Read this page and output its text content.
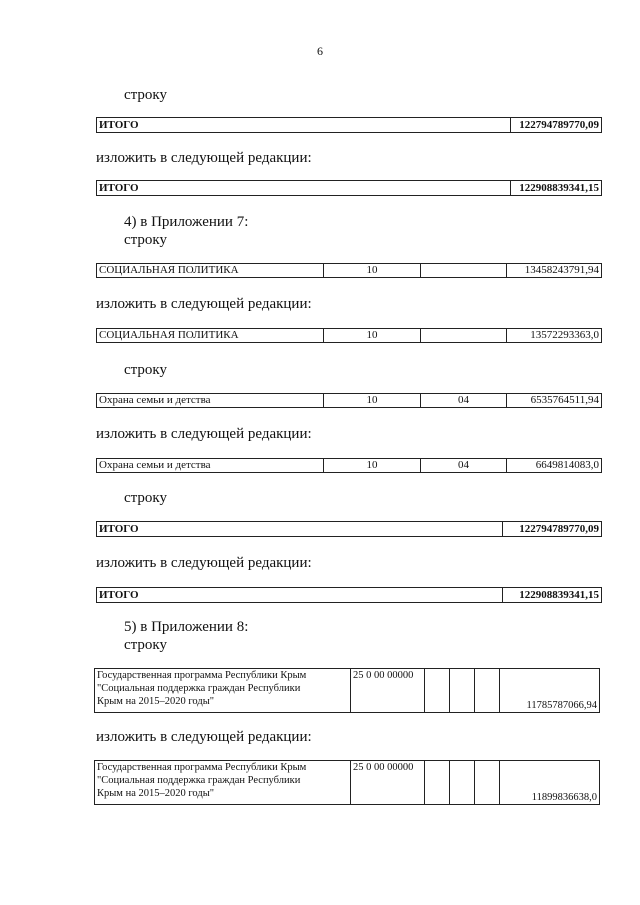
6
строку
ИТОГО	122794789770,09
изложить в следующей редакции:
ИТОГО	122908839341,15
4) в Приложении 7:
строку
СОЦИАЛЬНАЯ ПОЛИТИКА	10		13458243791,94
изложить в следующей редакции:
СОЦИАЛЬНАЯ ПОЛИТИКА	10		13572293363,0
строку
Охрана семьи и детства	10	04	6535764511,94
изложить в следующей редакции:
Охрана семьи и детства	10	04	6649814083,0
строку
ИТОГО	122794789770,09
изложить в следующей редакции:
ИТОГО	122908839341,15
5) в Приложении 8:
строку
Государственная программа Республики Крым
"Социальная поддержка граждан Республики
Крым на 2015–2020 годы"
	25 0 00 00000				11785787066,94
изложить в следующей редакции:
Государственная программа Республики Крым
"Социальная поддержка граждан Республики
Крым на 2015–2020 годы"
	25 0 00 00000				11899836638,0
